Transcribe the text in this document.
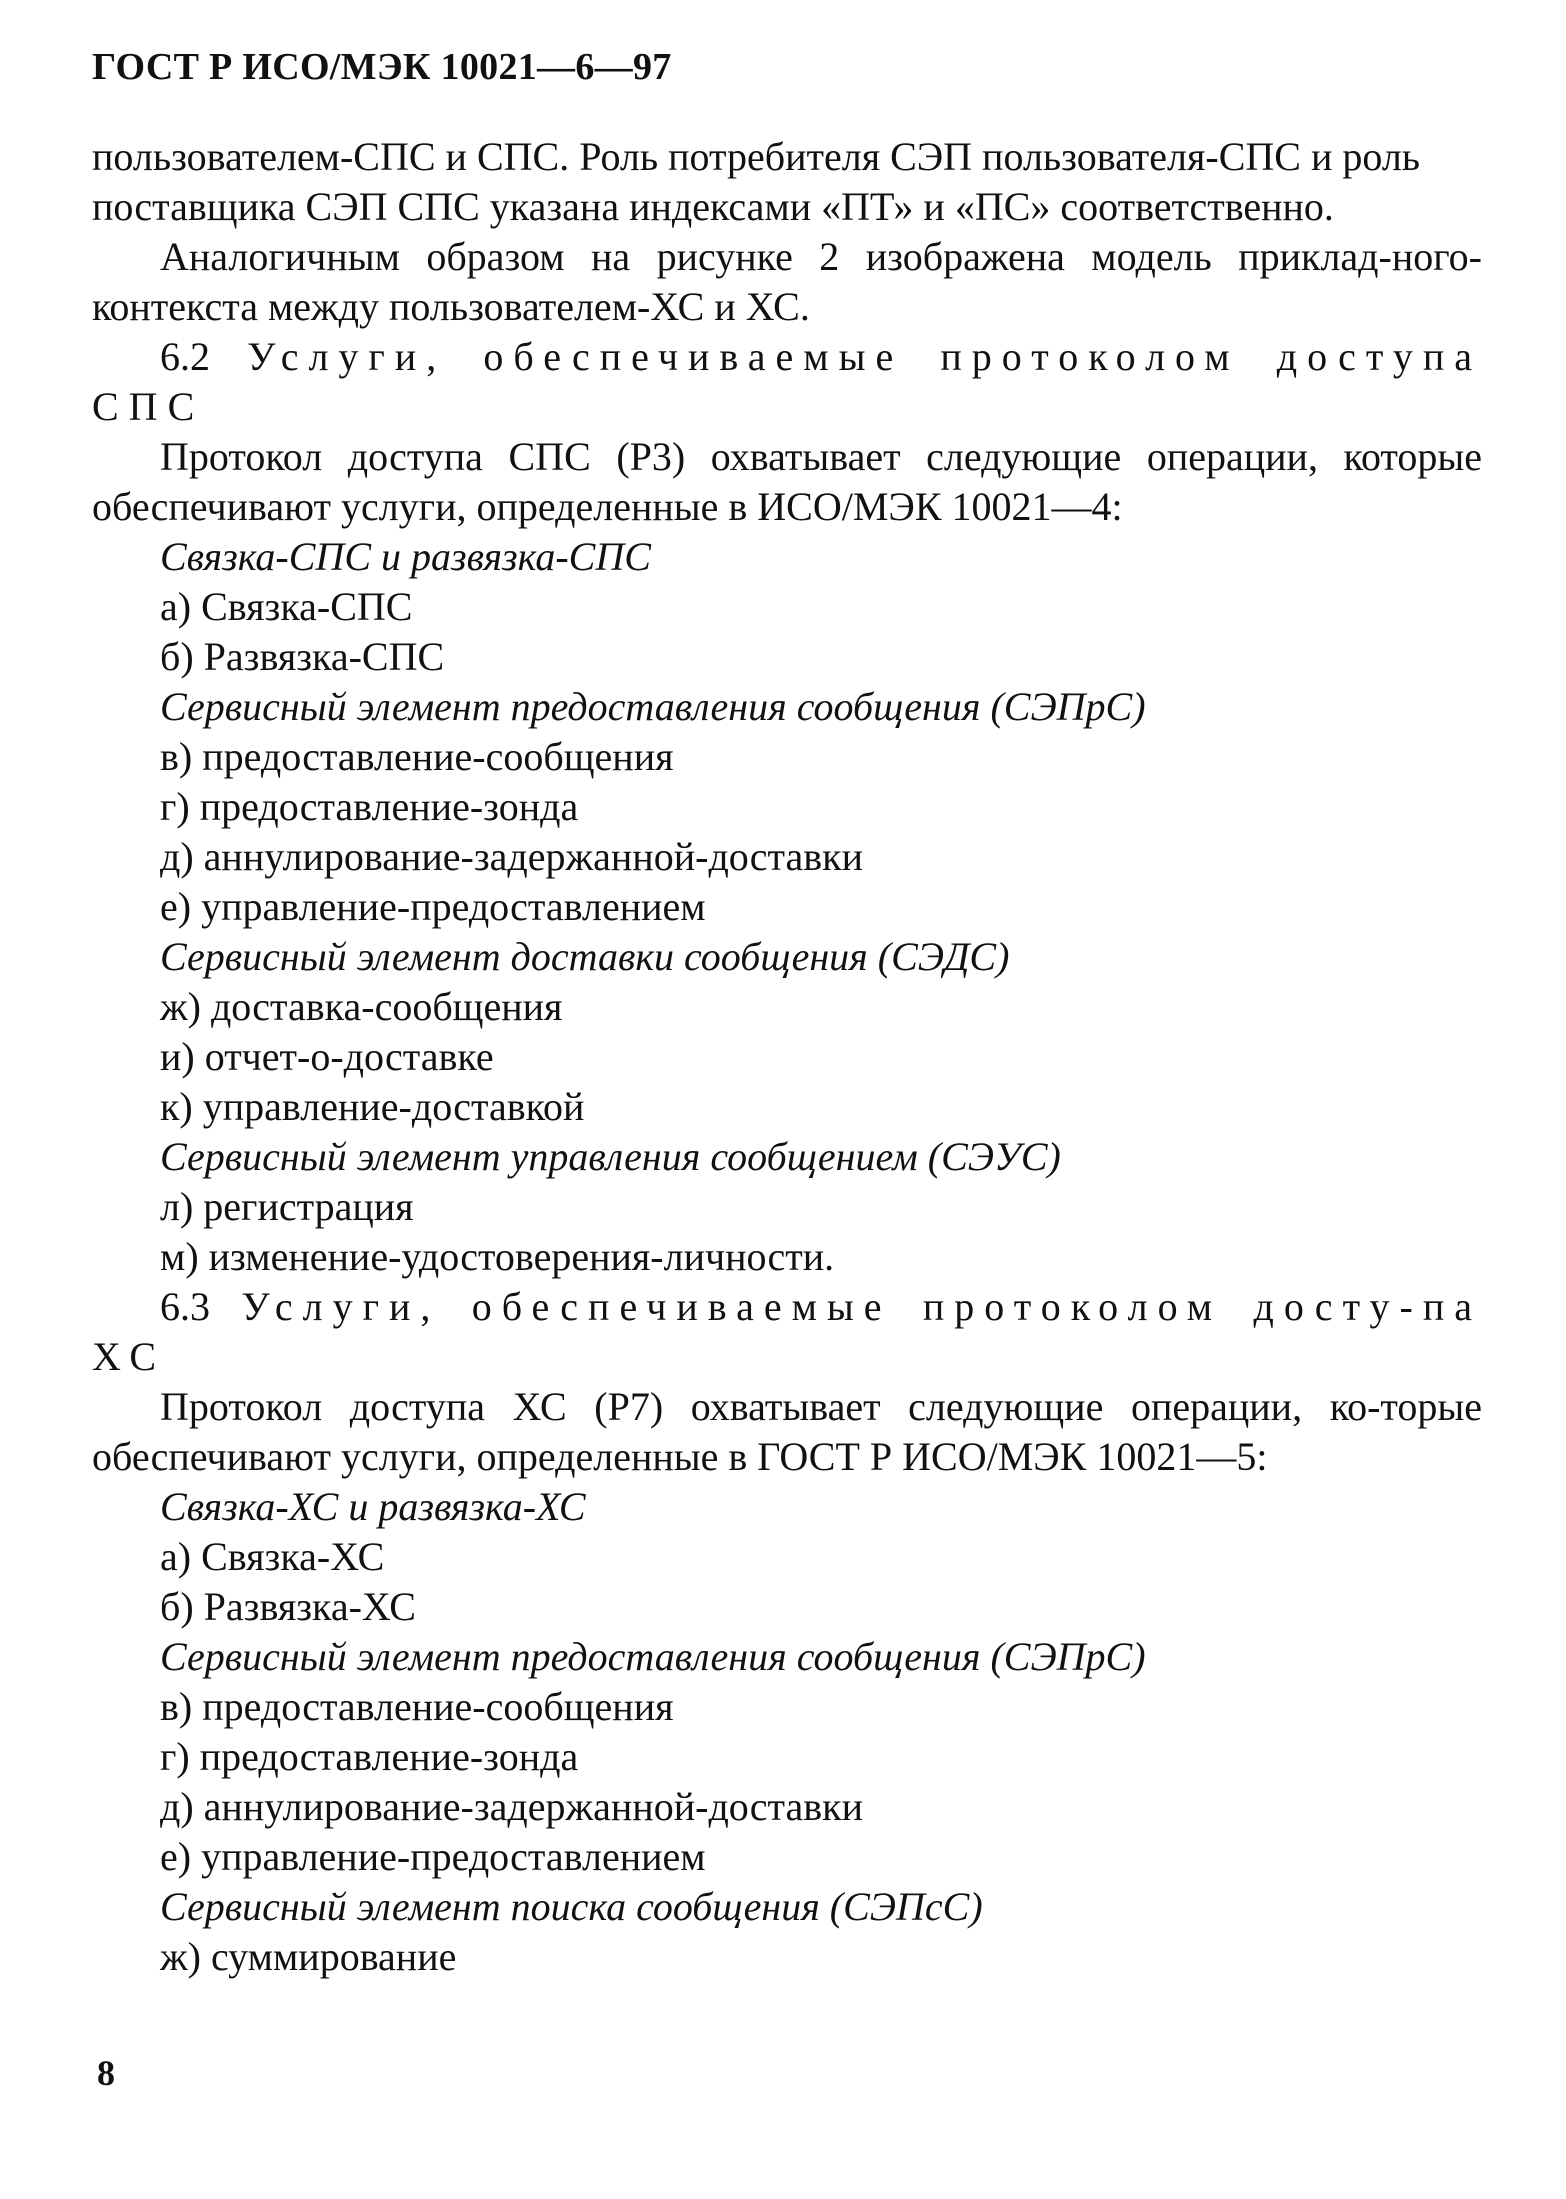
ГОСТ Р ИСО/МЭК 10021—6—97
пользователем-СПС и СПС. Роль потребителя СЭП пользователя-СПС и роль поставщика СЭП СПС указана индексами «ПТ» и «ПС» соответственно.
Аналогичным образом на рисунке 2 изображена модель приклад-ного-контекста между пользователем-ХС и ХС.
6.2 Услуги, обеспечиваемые протоколом доступа СПС
Протокол доступа СПС (Р3) охватывает следующие операции, которые обеспечивают услуги, определенные в ИСО/МЭК 10021—4:
Связка-СПС и развязка-СПС
а) Связка-СПС
б) Развязка-СПС
Сервисный элемент предоставления сообщения (СЭПрС)
в) предоставление-сообщения
г) предоставление-зонда
д) аннулирование-задержанной-доставки
е) управление-предоставлением
Сервисный элемент доставки сообщения (СЭДС)
ж) доставка-сообщения
и) отчет-о-доставке
к) управление-доставкой
Сервисный элемент управления сообщением (СЭУС)
л) регистрация
м) изменение-удостоверения-личности.
6.3 Услуги, обеспечиваемые протоколом досту-па ХС
Протокол доступа ХС (Р7) охватывает следующие операции, ко-торые обеспечивают услуги, определенные в ГОСТ Р ИСО/МЭК 10021—5:
Связка-ХС и развязка-ХС
а) Связка-ХС
б) Развязка-ХС
Сервисный элемент предоставления сообщения (СЭПрС)
в) предоставление-сообщения
г) предоставление-зонда
д) аннулирование-задержанной-доставки
е) управление-предоставлением
Сервисный элемент поиска сообщения (СЭПсС)
ж) суммирование
8
